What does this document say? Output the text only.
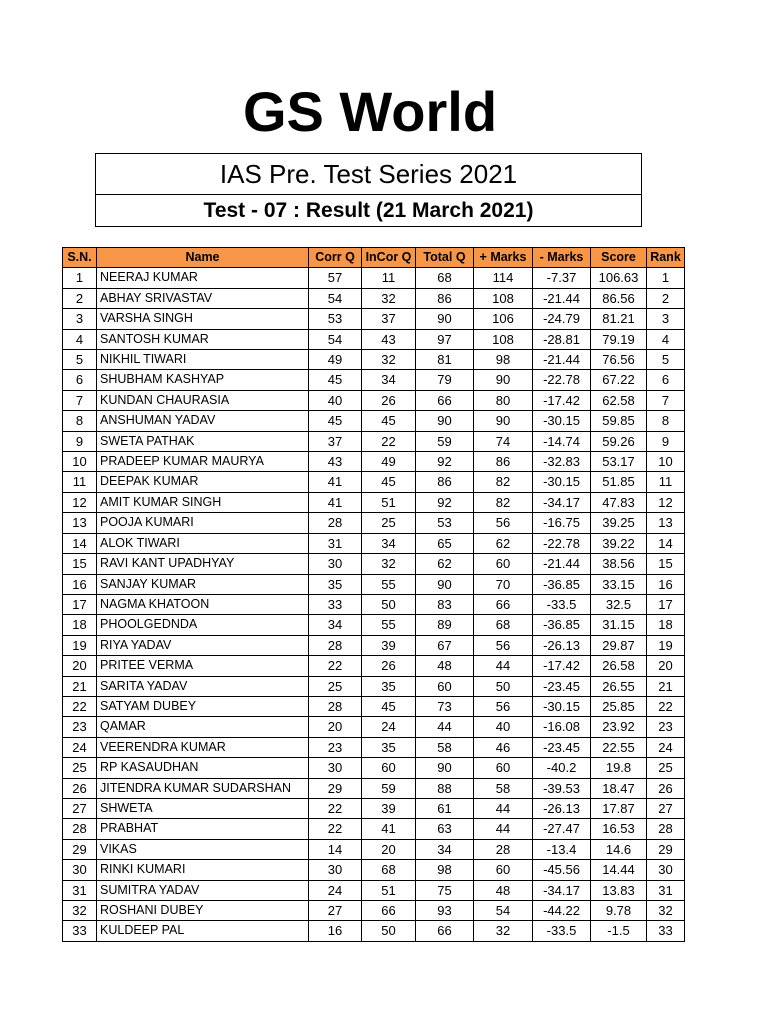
GS World
IAS Pre. Test Series 2021
Test - 07 : Result (21 March 2021)
S.N.	Name	Corr Q	InCor Q	Total Q	+ Marks	- Marks	Score	Rank
1	NEERAJ KUMAR	57	11	68	114	-7.37	106.63	1
2	ABHAY SRIVASTAV	54	32	86	108	-21.44	86.56	2
3	VARSHA SINGH	53	37	90	106	-24.79	81.21	3
4	SANTOSH KUMAR	54	43	97	108	-28.81	79.19	4
5	NIKHIL TIWARI	49	32	81	98	-21.44	76.56	5
6	SHUBHAM KASHYAP	45	34	79	90	-22.78	67.22	6
7	KUNDAN CHAURASIA	40	26	66	80	-17.42	62.58	7
8	ANSHUMAN YADAV	45	45	90	90	-30.15	59.85	8
9	SWETA PATHAK	37	22	59	74	-14.74	59.26	9
10	PRADEEP KUMAR MAURYA	43	49	92	86	-32.83	53.17	10
11	DEEPAK KUMAR	41	45	86	82	-30.15	51.85	11
12	AMIT KUMAR SINGH	41	51	92	82	-34.17	47.83	12
13	POOJA KUMARI	28	25	53	56	-16.75	39.25	13
14	ALOK TIWARI	31	34	65	62	-22.78	39.22	14
15	RAVI KANT UPADHYAY	30	32	62	60	-21.44	38.56	15
16	SANJAY KUMAR	35	55	90	70	-36.85	33.15	16
17	NAGMA KHATOON	33	50	83	66	-33.5	32.5	17
18	PHOOLGEDNDA	34	55	89	68	-36.85	31.15	18
19	RIYA YADAV	28	39	67	56	-26.13	29.87	19
20	PRITEE VERMA	22	26	48	44	-17.42	26.58	20
21	SARITA YADAV	25	35	60	50	-23.45	26.55	21
22	SATYAM DUBEY	28	45	73	56	-30.15	25.85	22
23	QAMAR	20	24	44	40	-16.08	23.92	23
24	VEERENDRA KUMAR	23	35	58	46	-23.45	22.55	24
25	RP KASAUDHAN	30	60	90	60	-40.2	19.8	25
26	JITENDRA KUMAR SUDARSHAN	29	59	88	58	-39.53	18.47	26
27	SHWETA	22	39	61	44	-26.13	17.87	27
28	PRABHAT	22	41	63	44	-27.47	16.53	28
29	VIKAS	14	20	34	28	-13.4	14.6	29
30	RINKI KUMARI	30	68	98	60	-45.56	14.44	30
31	SUMITRA YADAV	24	51	75	48	-34.17	13.83	31
32	ROSHANI DUBEY	27	66	93	54	-44.22	9.78	32
33	KULDEEP PAL	16	50	66	32	-33.5	-1.5	33
